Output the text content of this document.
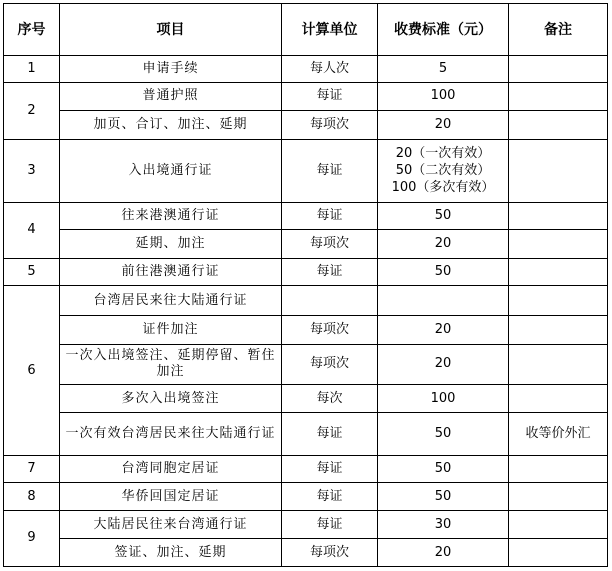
序号	项目	计算单位	收费标准（元）	备注
1	申请手续	每人次	5	
2	普通护照	每证	100	
	加页、合订、加注、延期	每项次	20	
3	入出境通行证	每证	20（一次有效）
50（二次有效）
100（多次有效）	
4	往来港澳通行证	每证	50	
	延期、加注	每项次	20	
5	前往港澳通行证	每证	50	
6	台湾居民来往大陆通行证			
	证件加注	每项次	20	
	一次入出境签注、延期停留、暂住加注	每项次	20	
	多次入出境签注	每次	100	
	一次有效台湾居民来往大陆通行证	每证	50	收等价外汇
7	台湾同胞定居证	每证	50	
8	华侨回国定居证	每证	50	
9	大陆居民往来台湾通行证	每证	30	
	签证、加注、延期	每项次	20	
